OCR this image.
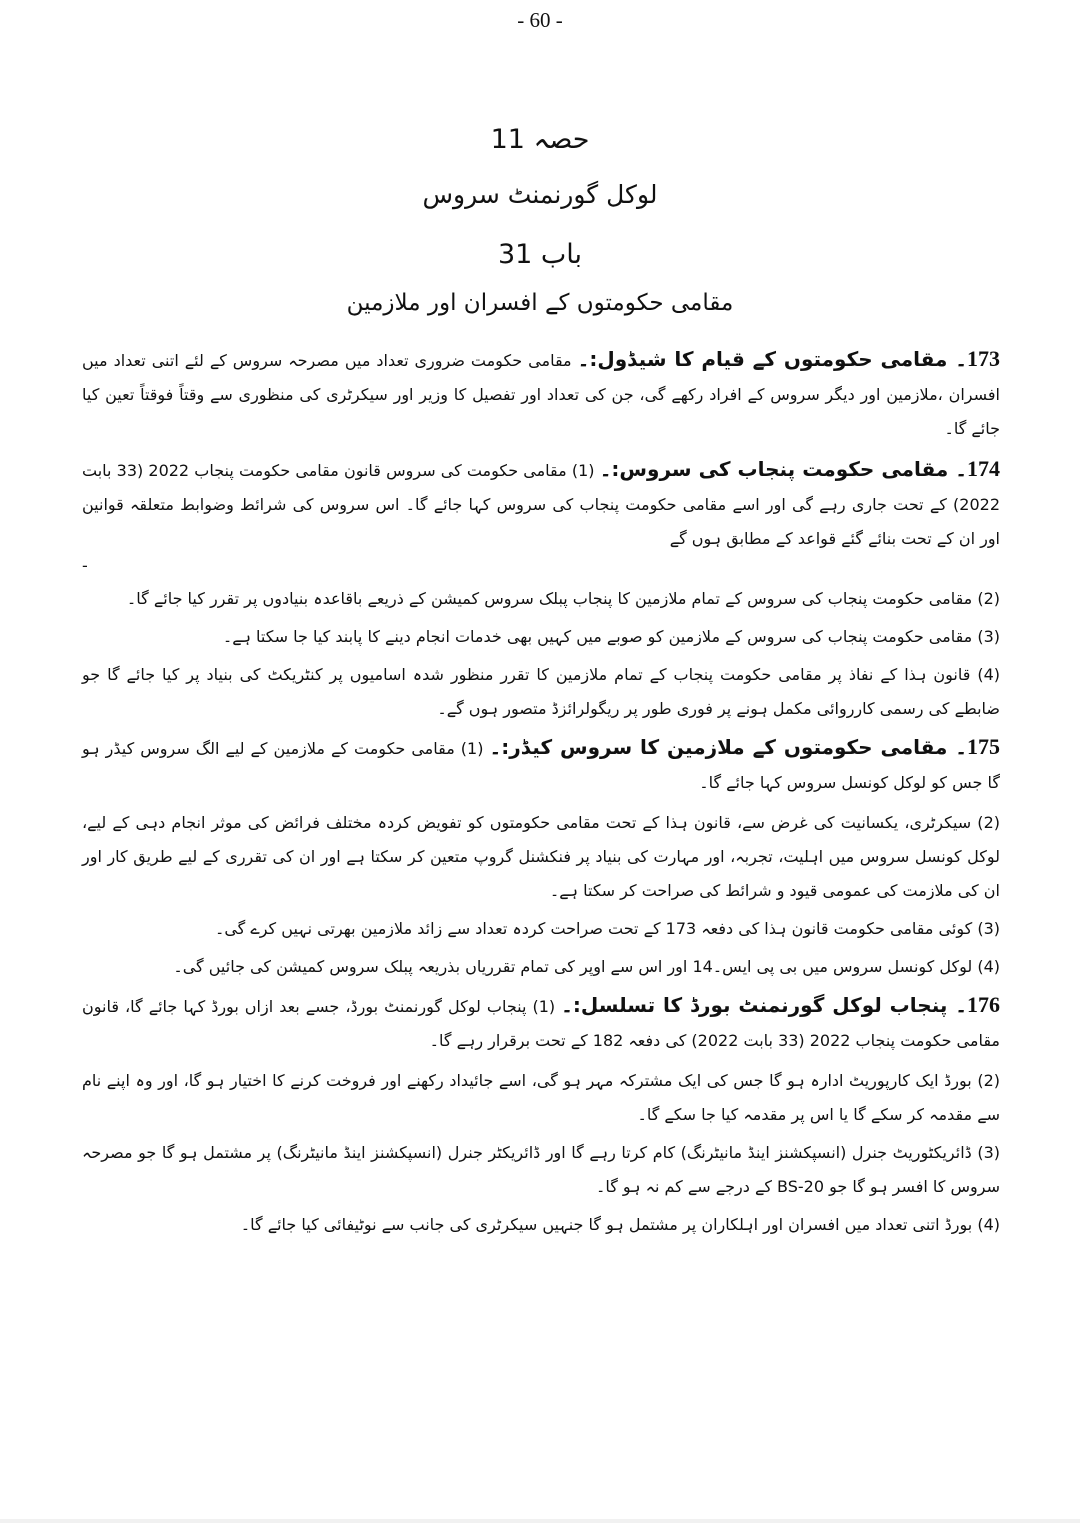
- 60 -
حصہ 11
لوکل گورنمنٹ سروس
باب 31
مقامی حکومتوں کے افسران اور ملازمین

173۔ مقامی حکومتوں کے قیام کا شیڈول:۔ مقامی حکومت ضروری تعداد میں مصرحہ سروس کے لئے اتنی تعداد میں افسران ،ملازمین اور دیگر سروس کے افراد رکھے گی، جن کی تعداد اور تفصیل کا وزیر اور سیکرٹری کی منظوری سے وقتاً فوقتاً تعین کیا جائے گا۔

174۔ مقامی حکومت پنجاب کی سروس:۔ (1) مقامی حکومت کی سروس قانون مقامی حکومت پنجاب 2022 (33 بابت 2022) کے تحت جاری رہے گی اور اسے مقامی حکومت پنجاب کی سروس کہا جائے گا۔ اس سروس کی شرائط وضوابط متعلقہ قوانین اور ان کے تحت بنائے گئے قواعد کے مطابق ہوں گے
-

(2) مقامی حکومت پنجاب کی سروس کے تمام ملازمین کا پنجاب پبلک سروس کمیشن کے ذریعے باقاعدہ بنیادوں پر تقرر کیا جائے گا۔

(3) مقامی حکومت پنجاب کی سروس کے ملازمین کو صوبے میں کہیں بھی خدمات انجام دینے کا پابند کیا جا سکتا ہے۔

(4) قانون ہذا کے نفاذ پر مقامی حکومت پنجاب کے تمام ملازمین کا تقرر منظور شدہ اسامیوں پر کنٹریکٹ کی بنیاد پر کیا جائے گا جو ضابطے کی رسمی کارروائی مکمل ہونے پر فوری طور پر ریگولرائزڈ متصور ہوں گے۔

175۔ مقامی حکومتوں کے ملازمین کا سروس کیڈر:۔ (1) مقامی حکومت کے ملازمین کے لیے الگ سروس کیڈر ہو گا جس کو لوکل کونسل سروس کہا جائے گا۔

(2) سیکرٹری، یکسانیت کی غرض سے، قانون ہذا کے تحت مقامی حکومتوں کو تفویض کردہ مختلف فرائض کی موثر انجام دہی کے لیے، لوکل کونسل سروس میں اہلیت، تجربہ، اور مہارت کی بنیاد پر فنکشنل گروپ متعین کر سکتا ہے اور ان کی تقرری کے لیے طریق کار اور ان کی ملازمت کی عمومی قیود و شرائط کی صراحت کر سکتا ہے۔

(3) کوئی مقامی حکومت قانون ہذا کی دفعہ 173 کے تحت صراحت کردہ تعداد سے زائد ملازمین بھرتی نہیں کرے گی۔

(4) لوکل کونسل سروس میں بی پی ایس۔14 اور اس سے اوپر کی تمام تقرریاں بذریعہ پبلک سروس کمیشن کی جائیں گی۔

176۔ پنجاب لوکل گورنمنٹ بورڈ کا تسلسل:۔ (1) پنجاب لوکل گورنمنٹ بورڈ، جسے بعد ازاں بورڈ کہا جائے گا، قانون مقامی حکومت پنجاب 2022 (33 بابت 2022) کی دفعہ 182 کے تحت برقرار رہے گا۔

(2) بورڈ ایک کارپوریٹ ادارہ ہو گا جس کی ایک مشترکہ مہر ہو گی، اسے جائیداد رکھنے اور فروخت کرنے کا اختیار ہو گا، اور وہ اپنے نام سے مقدمہ کر سکے گا یا اس پر مقدمہ کیا جا سکے گا۔

(3) ڈائریکٹوریٹ جنرل (انسپکشنز اینڈ مانیٹرنگ) کام کرتا رہے گا اور ڈائریکٹر جنرل (انسپکشنز اینڈ مانیٹرنگ) پر مشتمل ہو گا جو مصرحہ سروس کا افسر ہو گا جو BS-20 کے درجے سے کم نہ ہو گا۔

(4) بورڈ اتنی تعداد میں افسران اور اہلکاران پر مشتمل ہو گا جنہیں سیکرٹری کی جانب سے نوٹیفائی کیا جائے گا۔
